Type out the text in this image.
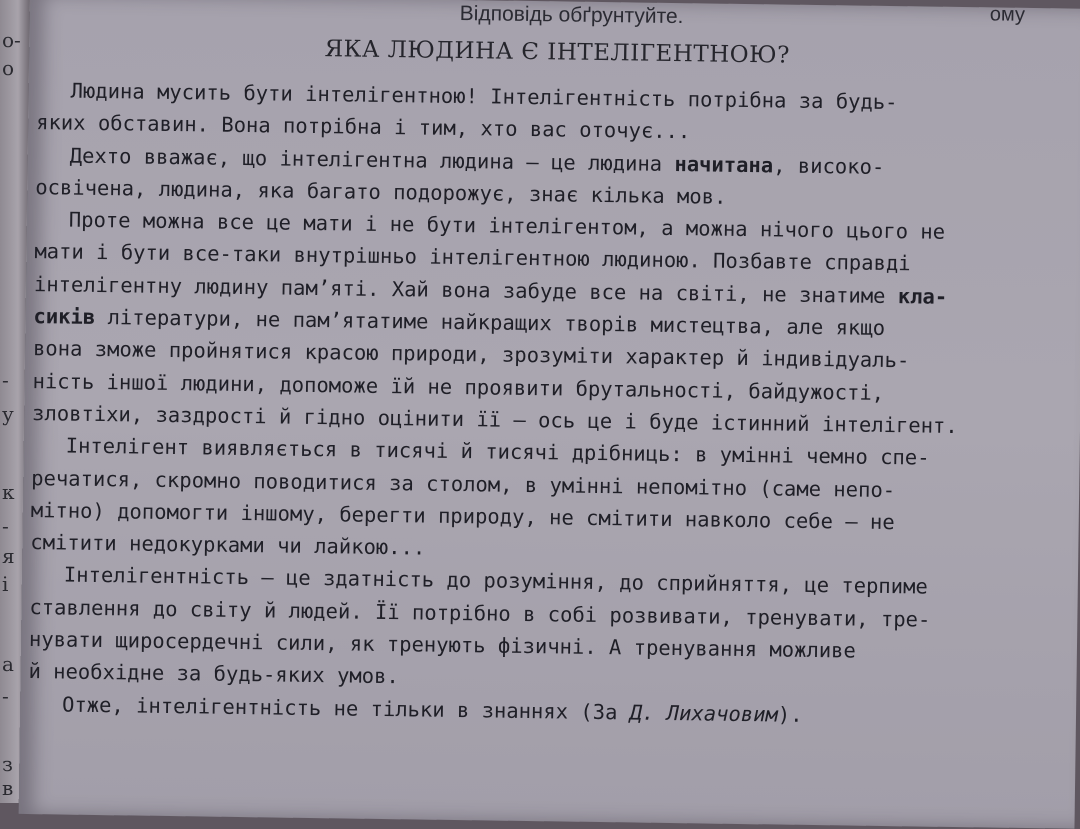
о-
о
-
у
к
-
я
і
а
-
з
в
Відповідь обґрунтуйте.	ому
ЯКА ЛЮДИНА Є ІНТЕЛІГЕНТНОЮ?
Людина мусить бути інтелігентною! Інтелігентність потрібна за будь-
яких обставин. Вона потрібна і тим, хто вас оточує...
Дехто вважає, що інтелігентна людина – це людина начитана, високо-
освічена, людина, яка багато подорожує, знає кілька мов.
Проте можна все це мати і не бути інтелігентом, а можна нічого цього не
мати і бути все-таки внутрішньо інтелігентною людиною. Позбавте справді
інтелігентну людину пам’яті. Хай вона забуде все на світі, не знатиме кла-
сиків літератури, не пам’ятатиме найкращих творів мистецтва, але якщо
вона зможе пройнятися красою природи, зрозуміти характер й індивідуаль-
ність іншої людини, допоможе їй не проявити брутальності, байдужості,
зловтіхи, заздрості й гідно оцінити її – ось це і буде істинний інтелігент.
Інтелігент виявляється в тисячі й тисячі дрібниць: в умінні чемно спе-
речатися, скромно поводитися за столом, в умінні непомітно (саме непо-
мітно) допомогти іншому, берегти природу, не смітити навколо себе – не
смітити недокурками чи лайкою...
Інтелігентність – це здатність до розуміння, до сприйняття, це терпиме
ставлення до світу й людей. Її потрібно в собі розвивати, тренувати, тре-
нувати щиросердечні сили, як тренують фізичні. А тренування можливе
й необхідне за будь-яких умов.
Отже, інтелігентність не тільки в знаннях (За Д. Лихачовим).
